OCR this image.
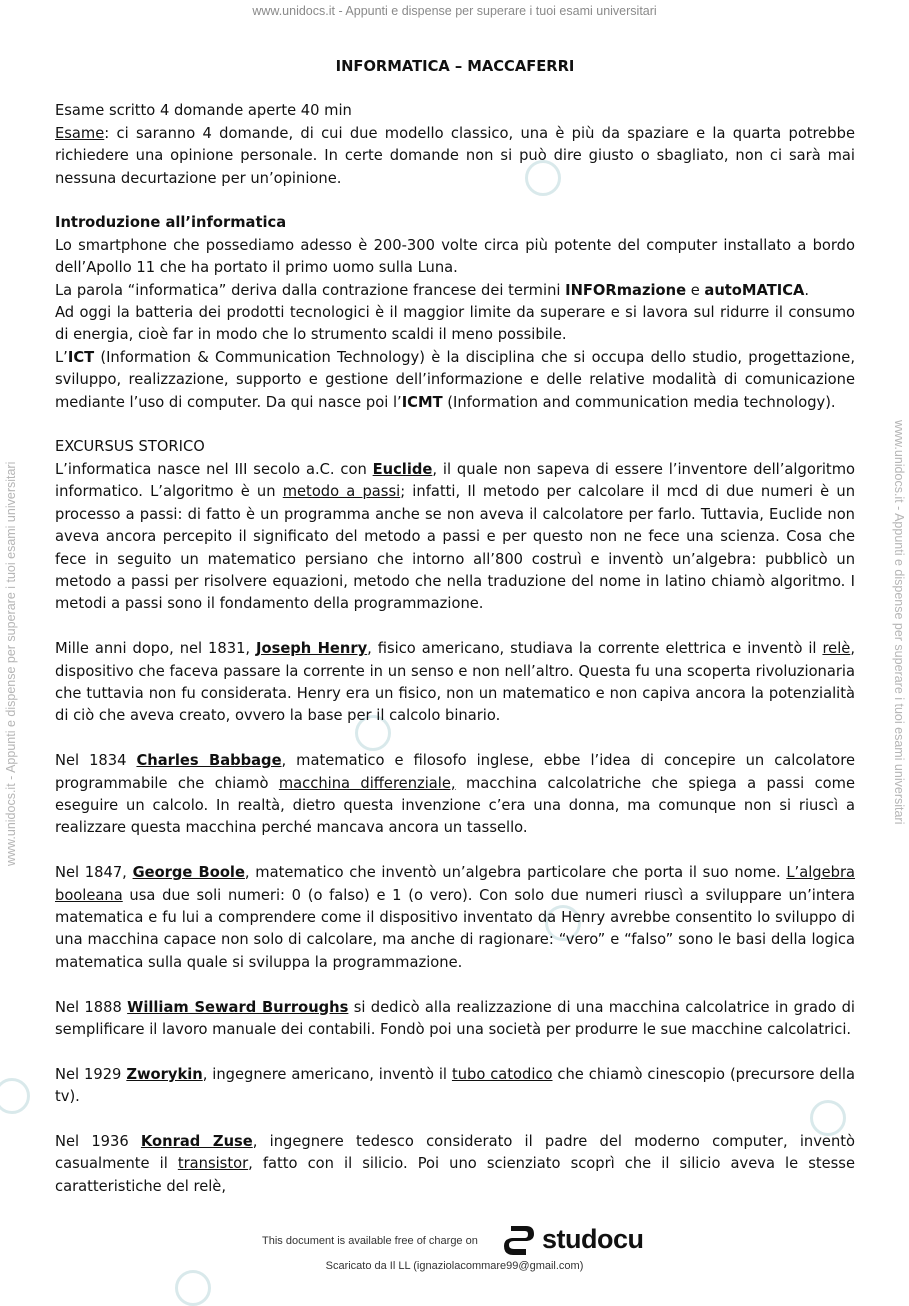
www.unidocs.it - Appunti e dispense per superare i tuoi esami universitari
www.unidocs.it - Appunti e dispense per superare i tuoi esami universitari	www.unidocs.it - Appunti e dispense per superare i tuoi esami universitari
INFORMATICA – MACCAFERRI

Esame scritto 4 domande aperte 40 min

Esame: ci saranno 4 domande, di cui due modello classico, una è più da spaziare e la quarta potrebbe richiedere una opinione personale. In certe domande non si può dire giusto o sbagliato, non ci sarà mai nessuna decurtazione per un’opinione.

Introduzione all’informatica

Lo smartphone che possediamo adesso è 200-300 volte circa più potente del computer installato a bordo dell’Apollo 11 che ha portato il primo uomo sulla Luna.

La parola “informatica” deriva dalla contrazione francese dei termini INFORmazione e autoMATICA.

Ad oggi la batteria dei prodotti tecnologici è il maggior limite da superare e si lavora sul ridurre il consumo di energia, cioè far in modo che lo strumento scaldi il meno possibile.

L’ICT (Information & Communication Technology) è la disciplina che si occupa dello studio, progettazione, sviluppo, realizzazione, supporto e gestione dell’informazione e delle relative modalità di comunicazione mediante l’uso di computer. Da qui nasce poi l’ICMT (Information and communication media technology).

EXCURSUS STORICO

L’informatica nasce nel III secolo a.C. con Euclide, il quale non sapeva di essere l’inventore dell’algoritmo informatico. L’algoritmo è un metodo a passi; infatti, Il metodo per calcolare il mcd di due numeri è un processo a passi: di fatto è un programma anche se non aveva il calcolatore per farlo. Tuttavia, Euclide non aveva ancora percepito il significato del metodo a passi e per questo non ne fece una scienza. Cosa che fece in seguito un matematico persiano che intorno all’800 costruì e inventò un’algebra: pubblicò un metodo a passi per risolvere equazioni, metodo che nella traduzione del nome in latino chiamò algoritmo. I metodi a passi sono il fondamento della programmazione.

Mille anni dopo, nel 1831, Joseph Henry, fisico americano, studiava la corrente elettrica e inventò il relè, dispositivo che faceva passare la corrente in un senso e non nell’altro. Questa fu una scoperta rivoluzionaria che tuttavia non fu considerata. Henry era un fisico, non un matematico e non capiva ancora la potenzialità di ciò che aveva creato, ovvero la base per il calcolo binario.

Nel 1834 Charles Babbage, matematico e filosofo inglese, ebbe l’idea di concepire un calcolatore programmabile che chiamò macchina differenziale, macchina calcolatriche che spiega a passi come eseguire un calcolo. In realtà, dietro questa invenzione c’era una donna, ma comunque non si riuscì a realizzare questa macchina perché mancava ancora un tassello.

Nel 1847, George Boole, matematico che inventò un’algebra particolare che porta il suo nome. L’algebra booleana usa due soli numeri: 0 (o falso) e 1 (o vero). Con solo due numeri riuscì a sviluppare un’intera matematica e fu lui a comprendere come il dispositivo inventato da Henry avrebbe consentito lo sviluppo di una macchina capace non solo di calcolare, ma anche di ragionare: “vero” e “falso” sono le basi della logica matematica sulla quale si sviluppa la programmazione.

Nel 1888 William Seward Burroughs si dedicò alla realizzazione di una macchina calcolatrice in grado di semplificare il lavoro manuale dei contabili. Fondò poi una società per produrre le sue macchine calcolatrici.

Nel 1929 Zworykin, ingegnere americano, inventò il tubo catodico che chiamò cinescopio (precursore della tv).

Nel 1936 Konrad Zuse, ingegnere tedesco considerato il padre del moderno computer, inventò casualmente il transistor, fatto con il silicio. Poi uno scienziato scoprì che il silicio aveva le stesse caratteristiche del relè,

This document is available free of charge on studocu
Scaricato da Il LL (ignaziolacommare99@gmail.com)
